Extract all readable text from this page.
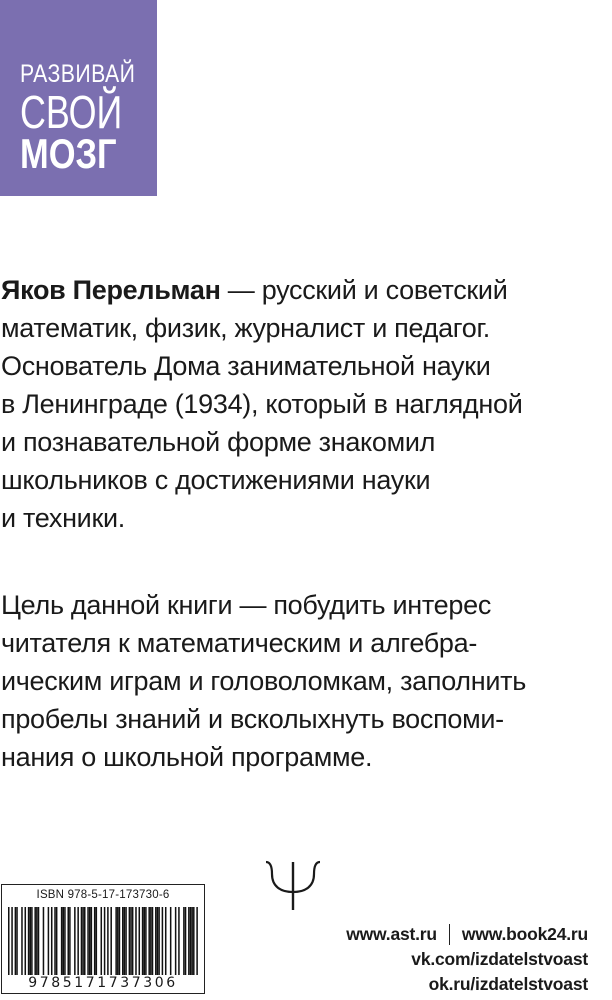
РАЗВИВАЙ
СВОЙ
МОЗГ
Яков Перельман — русский и советский
математик, физик, журналист и педагог.
Основатель Дома занимательной науки
в Ленинграде (1934), который в наглядной
и познавательной форме знакомил
школьников с достижениями науки
и техники.
Цель данной книги — побудить интерес
читателя к математическим и алгебра-
ическим играм и головоломкам, заполнить
пробелы знаний и всколыхнуть воспоми-
нания о школьной программе.
ISBN 978-5-17-173730-6
9785171737306
www.ast.ru www.book24.ru
vk.com/izdatelstvoast
ok.ru/izdatelstvoast
